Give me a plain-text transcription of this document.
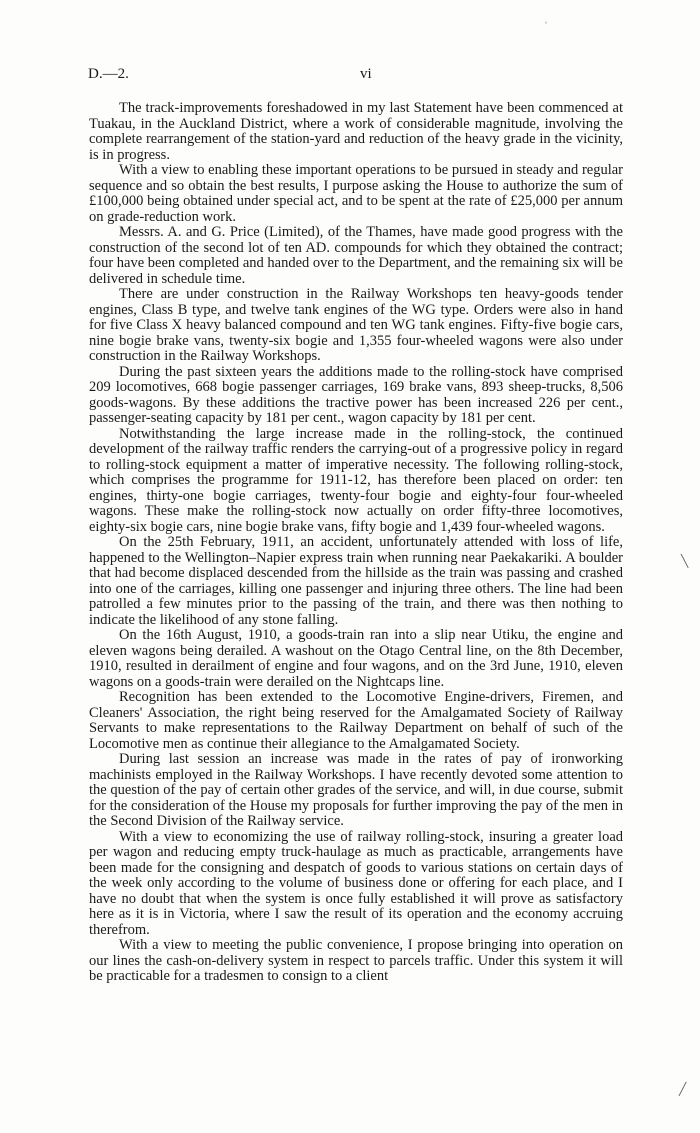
D.—2.	vi

The track-improvements foreshadowed in my last Statement have been commenced at Tuakau, in the Auckland District, where a work of considerable magnitude, involving the complete rearrangement of the station-yard and reduction of the heavy grade in the vicinity, is in progress.

With a view to enabling these important operations to be pursued in steady and regular sequence and so obtain the best results, I purpose asking the House to authorize the sum of £100,000 being obtained under special act, and to be spent at the rate of £25,000 per annum on grade-reduction work.

Messrs. A. and G. Price (Limited), of the Thames, have made good progress with the construction of the second lot of ten AD. compounds for which they obtained the contract; four have been completed and handed over to the Department, and the remaining six will be delivered in schedule time.

There are under construction in the Railway Workshops ten heavy-goods tender engines, Class B type, and twelve tank engines of the WG type. Orders were also in hand for five Class X heavy balanced compound and ten WG tank engines. Fifty-five bogie cars, nine bogie brake vans, twenty-six bogie and 1,355 four-wheeled wagons were also under construction in the Railway Workshops.

During the past sixteen years the additions made to the rolling-stock have comprised 209 locomotives, 668 bogie passenger carriages, 169 brake vans, 893 sheep-trucks, 8,506 goods-wagons. By these additions the tractive power has been increased 226 per cent., passenger-seating capacity by 181 per cent., wagon capacity by 181 per cent.

Notwithstanding the large increase made in the rolling-stock, the continued development of the railway traffic renders the carrying-out of a progressive policy in regard to rolling-stock equipment a matter of imperative necessity. The following rolling-stock, which comprises the programme for 1911-12, has therefore been placed on order: ten engines, thirty-one bogie carriages, twenty-four bogie and eighty-four four-wheeled wagons. These make the rolling-stock now actually on order fifty-three locomotives, eighty-six bogie cars, nine bogie brake vans, fifty bogie and 1,439 four-wheeled wagons.

On the 25th February, 1911, an accident, unfortunately attended with loss of life, happened to the Wellington–Napier express train when running near Paekakariki. A boulder that had become displaced descended from the hillside as the train was passing and crashed into one of the carriages, killing one passenger and injuring three others. The line had been patrolled a few minutes prior to the passing of the train, and there was then nothing to indicate the likelihood of any stone falling.

On the 16th August, 1910, a goods-train ran into a slip near Utiku, the engine and eleven wagons being derailed. A washout on the Otago Central line, on the 8th December, 1910, resulted in derailment of engine and four wagons, and on the 3rd June, 1910, eleven wagons on a goods-train were derailed on the Nightcaps line.

Recognition has been extended to the Locomotive Engine-drivers, Firemen, and Cleaners' Association, the right being reserved for the Amalgamated Society of Railway Servants to make representations to the Railway Department on behalf of such of the Locomotive men as continue their allegiance to the Amalgamated Society.

During last session an increase was made in the rates of pay of ironworking machinists employed in the Railway Workshops. I have recently devoted some attention to the question of the pay of certain other grades of the service, and will, in due course, submit for the consideration of the House my proposals for further improving the pay of the men in the Second Division of the Railway service.

With a view to economizing the use of railway rolling-stock, insuring a greater load per wagon and reducing empty truck-haulage as much as practicable, arrangements have been made for the consigning and despatch of goods to various stations on certain days of the week only according to the volume of business done or offering for each place, and I have no doubt that when the system is once fully established it will prove as satisfactory here as it is in Victoria, where I saw the result of its operation and the economy accruing therefrom.

With a view to meeting the public convenience, I propose bringing into operation on our lines the cash-on-delivery system in respect to parcels traffic. Under this system it will be practicable for a tradesmen to consign to a client

ˌ
╲
╱
